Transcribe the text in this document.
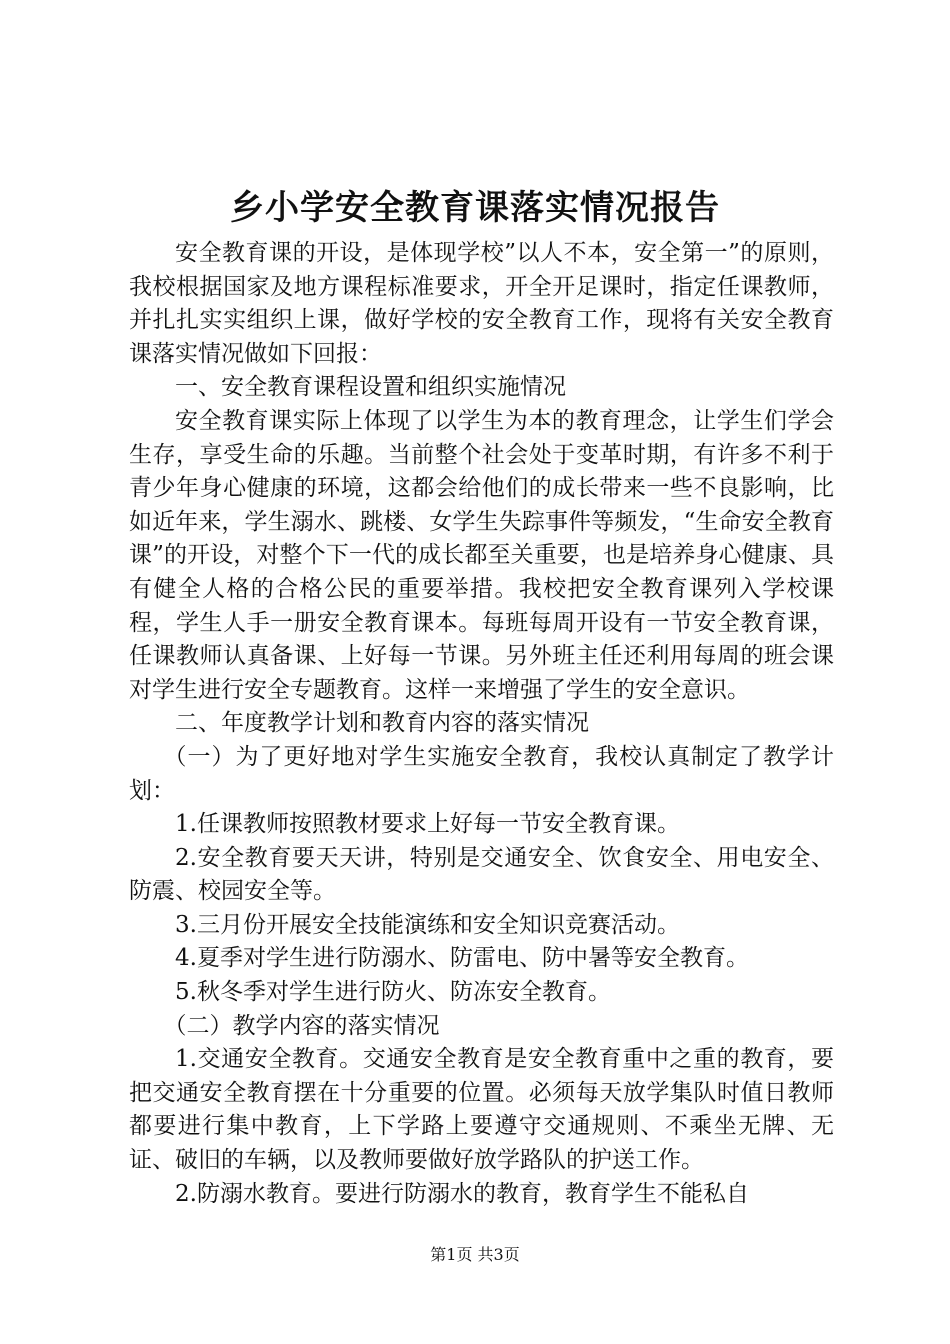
乡小学安全教育课落实情况报告

安全教育课的开设，是体现学校”以人不本，安全第一”的原则，我校根据国家及地方课程标准要求，开全开足课时，指定任课教师，并扎扎实实组织上课，做好学校的安全教育工作，现将有关安全教育课落实情况做如下回报：

一、安全教育课程设置和组织实施情况

安全教育课实际上体现了以学生为本的教育理念，让学生们学会生存，享受生命的乐趣。当前整个社会处于变革时期，有许多不利于青少年身心健康的环境，这都会给他们的成长带来一些不良影响，比如近年来，学生溺水、跳楼、女学生失踪事件等频发，“生命安全教育课”的开设，对整个下一代的成长都至关重要，也是培养身心健康、具有健全人格的合格公民的重要举措。我校把安全教育课列入学校课程，学生人手一册安全教育课本。每班每周开设有一节安全教育课，任课教师认真备课、上好每一节课。另外班主任还利用每周的班会课对学生进行安全专题教育。这样一来增强了学生的安全意识。

二、年度教学计划和教育内容的落实情况

（一）为了更好地对学生实施安全教育，我校认真制定了教学计划：

1.任课教师按照教材要求上好每一节安全教育课。

2.安全教育要天天讲，特别是交通安全、饮食安全、用电安全、防震、校园安全等。

3.三月份开展安全技能演练和安全知识竞赛活动。

4.夏季对学生进行防溺水、防雷电、防中暑等安全教育。

5.秋冬季对学生进行防火、防冻安全教育。

（二）教学内容的落实情况

1.交通安全教育。交通安全教育是安全教育重中之重的教育，要把交通安全教育摆在十分重要的位置。必须每天放学集队时值日教师都要进行集中教育，上下学路上要遵守交通规则、不乘坐无牌、无证、破旧的车辆，以及教师要做好放学路队的护送工作。

2.防溺水教育。要进行防溺水的教育，教育学生不能私自

第1页 共3页
